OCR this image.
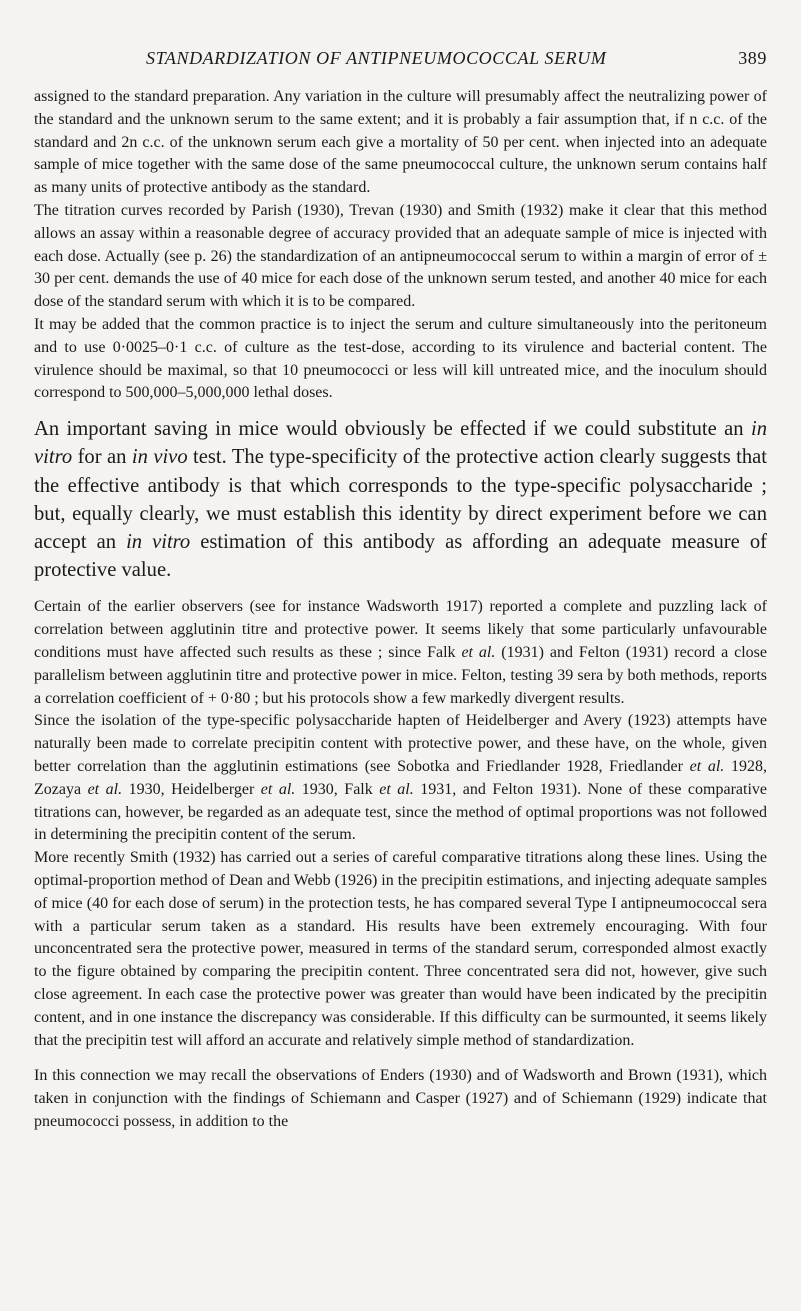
STANDARDIZATION OF ANTIPNEUMOCOCCAL SERUM	389

assigned to the standard preparation. Any variation in the culture will presumably affect the neutralizing power of the standard and the unknown serum to the same extent; and it is probably a fair assumption that, if n c.c. of the standard and 2n c.c. of the unknown serum each give a mortality of 50 per cent. when injected into an adequate sample of mice together with the same dose of the same pneumococcal culture, the unknown serum contains half as many units of protective antibody as the standard.

The titration curves recorded by Parish (1930), Trevan (1930) and Smith (1932) make it clear that this method allows an assay within a reasonable degree of accuracy provided that an adequate sample of mice is injected with each dose. Actually (see p. 26) the standardization of an antipneumococcal serum to within a margin of error of ± 30 per cent. demands the use of 40 mice for each dose of the unknown serum tested, and another 40 mice for each dose of the standard serum with which it is to be compared.

It may be added that the common practice is to inject the serum and culture simultaneously into the peritoneum and to use 0·0025–0·1 c.c. of culture as the test-dose, according to its virulence and bacterial content. The virulence should be maximal, so that 10 pneumococci or less will kill untreated mice, and the inoculum should correspond to 500,000–5,000,000 lethal doses.

An important saving in mice would obviously be effected if we could substitute an in vitro for an in vivo test. The type-specificity of the protective action clearly suggests that the effective antibody is that which corresponds to the type-specific polysaccharide ; but, equally clearly, we must establish this identity by direct experiment before we can accept an in vitro estimation of this antibody as affording an adequate measure of protective value.

Certain of the earlier observers (see for instance Wadsworth 1917) reported a complete and puzzling lack of correlation between agglutinin titre and protective power. It seems likely that some particularly unfavourable conditions must have affected such results as these ; since Falk et al. (1931) and Felton (1931) record a close parallelism between agglutinin titre and protective power in mice. Felton, testing 39 sera by both methods, reports a correlation coefficient of + 0·80 ; but his protocols show a few markedly divergent results.

Since the isolation of the type-specific polysaccharide hapten of Heidelberger and Avery (1923) attempts have naturally been made to correlate precipitin content with protective power, and these have, on the whole, given better correlation than the agglutinin estimations (see Sobotka and Friedlander 1928, Friedlander et al. 1928, Zozaya et al. 1930, Heidelberger et al. 1930, Falk et al. 1931, and Felton 1931). None of these comparative titrations can, however, be regarded as an adequate test, since the method of optimal proportions was not followed in determining the precipitin content of the serum.

More recently Smith (1932) has carried out a series of careful comparative titrations along these lines. Using the optimal-proportion method of Dean and Webb (1926) in the precipitin estimations, and injecting adequate samples of mice (40 for each dose of serum) in the protection tests, he has compared several Type I antipneumococcal sera with a particular serum taken as a standard. His results have been extremely encouraging. With four unconcentrated sera the protective power, measured in terms of the standard serum, corresponded almost exactly to the figure obtained by comparing the precipitin content. Three concentrated sera did not, however, give such close agreement. In each case the protective power was greater than would have been indicated by the precipitin content, and in one instance the discrepancy was considerable. If this difficulty can be surmounted, it seems likely that the precipitin test will afford an accurate and relatively simple method of standardization.

In this connection we may recall the observations of Enders (1930) and of Wadsworth and Brown (1931), which taken in conjunction with the findings of Schiemann and Casper (1927) and of Schiemann (1929) indicate that pneumococci possess, in addition to the
